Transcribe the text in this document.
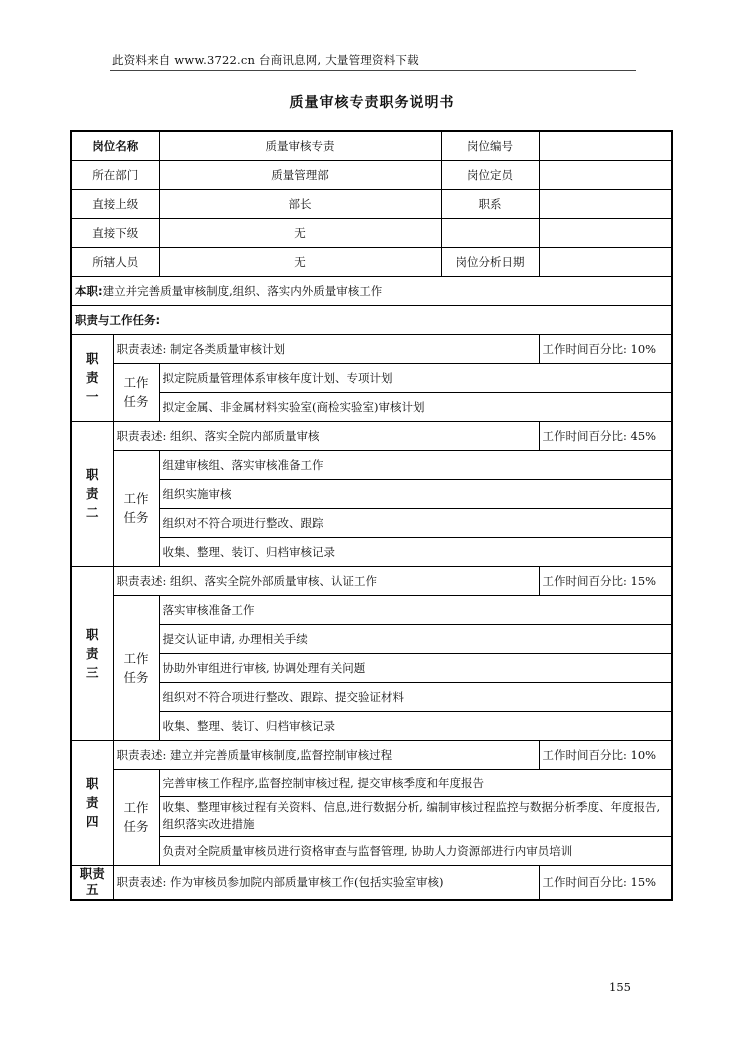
此资料来自 www.3722.cn 台商讯息网, 大量管理资料下载
质量审核专责职务说明书
岗位名称		质量审核专责	岗位编号	
所在部门		质量管理部	岗位定员	
直接上级		部长	职系	
直接下级		无		
所辖人员		无	岗位分析日期	
本职:建立并完善质量审核制度,组织、落实内外质量审核工作				
职责与工作任务:				

职责一	职责表述: 制定各类质量审核计划			工作时间百分比: 10%

	工作任务	拟定院质量管理体系审核年度计划、专项计划		
		拟定金属、非金属材料实验室(商检实验室)审核计划		

职责二	职责表述: 组织、落实全院内部质量审核			工作时间百分比: 45%

	工作任务	组建审核组、落实审核准备工作		
		组织实施审核		
		组织对不符合项进行整改、跟踪		
		收集、整理、装订、归档审核记录		

职责三	职责表述: 组织、落实全院外部质量审核、认证工作			工作时间百分比: 15%

	工作任务	落实审核准备工作		
		提交认证申请, 办理相关手续		
		协助外审组进行审核, 协调处理有关问题		
		组织对不符合项进行整改、跟踪、提交验证材料		
		收集、整理、装订、归档审核记录		

职责四	职责表述: 建立并完善质量审核制度,监督控制审核过程			工作时间百分比: 10%

	工作任务	完善审核工作程序,监督控制审核过程, 提交审核季度和年度报告		
		收集、整理审核过程有关资料、信息,进行数据分析, 编制审核过程监控与数据分析季度、年度报告,组织落实改进措施		
		负责对全院质量审核员进行资格审查与监督管理, 协助人力资源部进行内审员培训		

职责五	职责表述: 作为审核员参加院内部质量审核工作(包括实验室审核)			工作时间百分比: 15%
155
